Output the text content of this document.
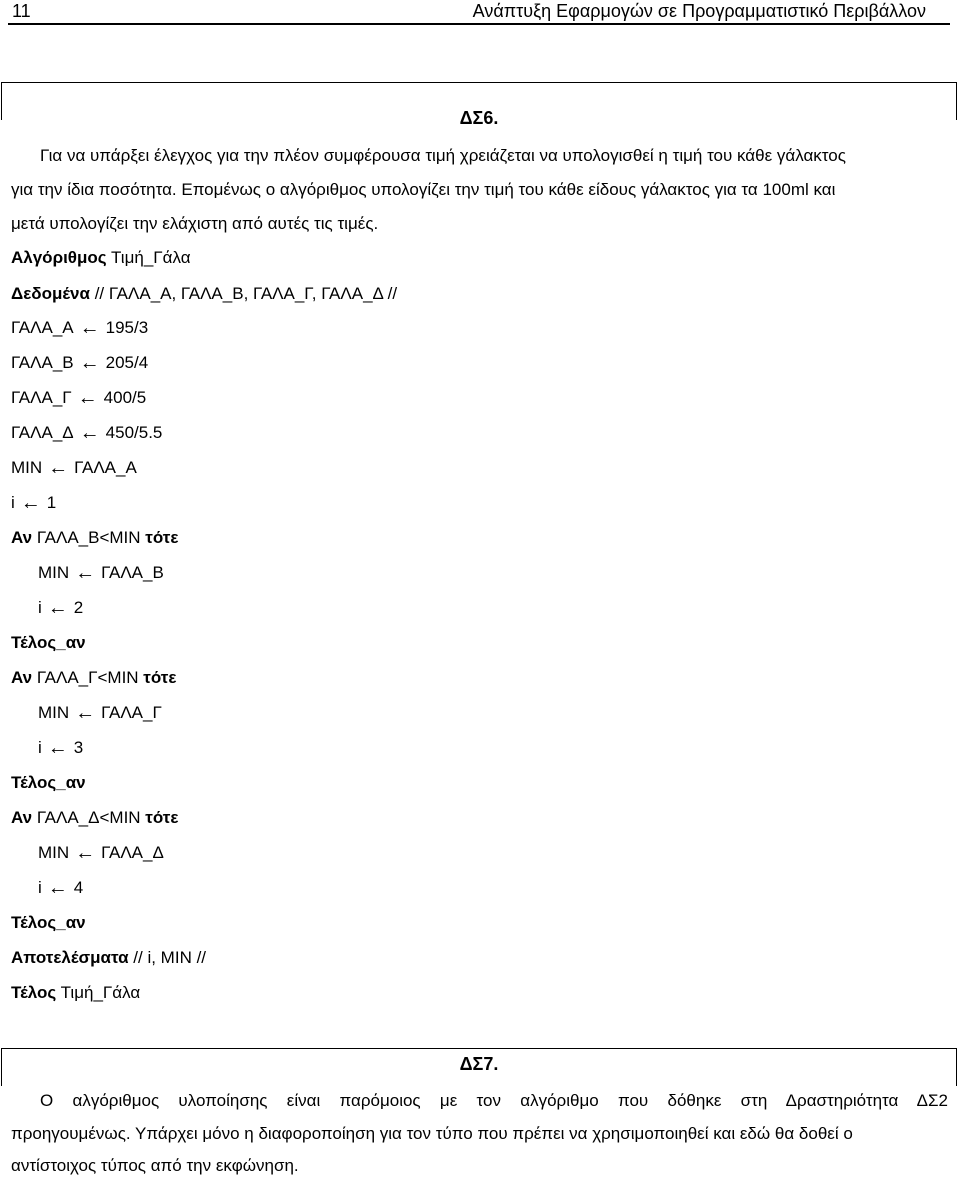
11	Ανάπτυξη Εφαρμογών σε Προγραμματιστικό Περιβάλλον
ΔΣ6.
Για να υπάρξει έλεγχος για την πλέον συμφέρουσα τιμή χρειάζεται να υπολογισθεί η τιμή του κάθε γάλακτος
για την ίδια ποσότητα. Επομένως ο αλγόριθμος υπολογίζει την τιμή του κάθε είδους γάλακτος για τα 100ml και
μετά υπολογίζει την ελάχιστη από αυτές τις τιμές.
Αλγόριθμος Τιμή_Γάλα
Δεδομένα // ΓΑΛΑ_Α, ΓΑΛΑ_Β, ΓΑΛΑ_Γ, ΓΑΛΑ_Δ //
ΓΑΛΑ_Α ← 195/3
ΓΑΛΑ_Β ← 205/4
ΓΑΛΑ_Γ ← 400/5
ΓΑΛΑ_Δ ← 450/5.5
MIN ← ΓΑΛΑ_Α
i ← 1
Αν ΓΑΛΑ_Β<MIN τότε
MIN ← ΓΑΛΑ_Β
i ← 2
Τέλος_αν
Αν ΓΑΛΑ_Γ<MIN τότε
MIN ← ΓΑΛΑ_Γ
i ← 3
Τέλος_αν
Αν ΓΑΛΑ_Δ<MIN τότε
MIN ← ΓΑΛΑ_Δ
i ← 4
Τέλος_αν
Αποτελέσματα // i, MIN //
Τέλος Τιμή_Γάλα
ΔΣ7.
Ο αλγόριθμος υλοποίησης είναι παρόμοιος με τον αλγόριθμο που δόθηκε στη Δραστηριότητα ΔΣ2
προηγουμένως. Υπάρχει μόνο η διαφοροποίηση για τον τύπο που πρέπει να χρησιμοποιηθεί και εδώ θα δοθεί ο
αντίστοιχος τύπος από την εκφώνηση.
